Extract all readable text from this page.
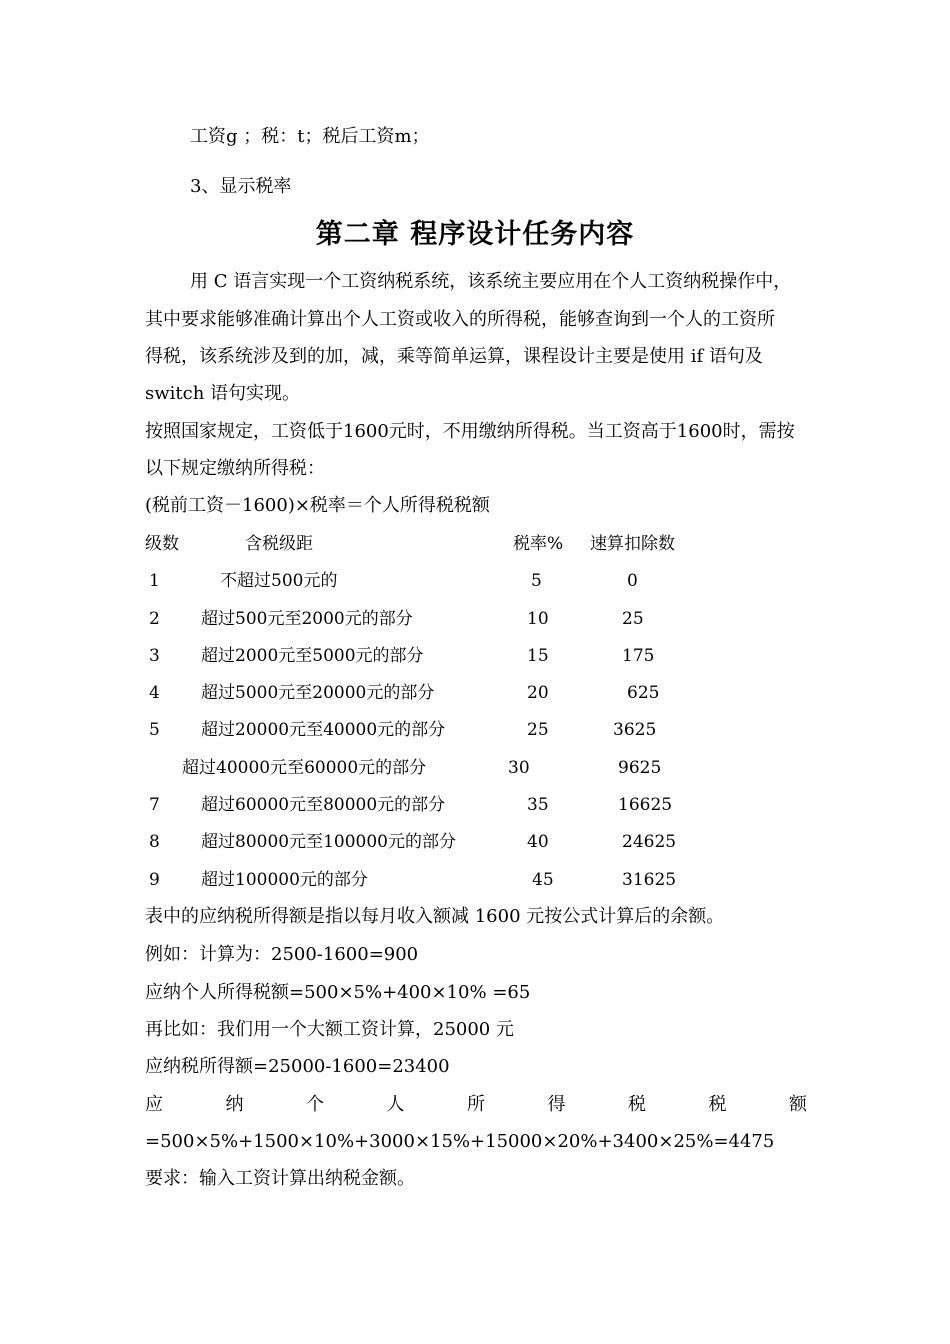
工资g ；税：t；税后工资m；
3、显示税率
第二章 程序设计任务内容
用 C 语言实现一个工资纳税系统，该系统主要应用在个人工资纳税操作中，
其中要求能够准确计算出个人工资或收入的所得税，能够查询到一个人的工资所
得税，该系统涉及到的加，减，乘等简单运算，课程设计主要是使用 if 语句及
switch 语句实现。
按照国家规定，工资低于1600元时，不用缴纳所得税。当工资高于1600时，需按
以下规定缴纳所得税：
(税前工资－1600)×税率＝个人所得税税额
级数	含税级距	税率% 速算扣除数
1	不超过500元的	5	0
2 超过500元至2000元的部分	10	25
3 超过2000元至5000元的部分	15	175
4 超过5000元至20000元的部分	20	625
5 超过20000元至40000元的部分	25	3625
超过40000元至60000元的部分	30	9625
7 超过60000元至80000元的部分	35	16625
8 超过80000元至100000元的部分	40	24625
9 超过100000元的部分	45	31625
表中的应纳税所得额是指以每月收入额减 1600 元按公式计算后的余额。
例如：计算为：2500-1600=900
应纳个人所得税额=500×5%+400×10% =65
再比如：我们用一个大额工资计算，25000 元
应纳税所得额=25000-1600=23400
应	纳	个	人	所	得	税	税	额
=500×5%+1500×10%+3000×15%+15000×20%+3400×25%=4475
要求：输入工资计算出纳税金额。
